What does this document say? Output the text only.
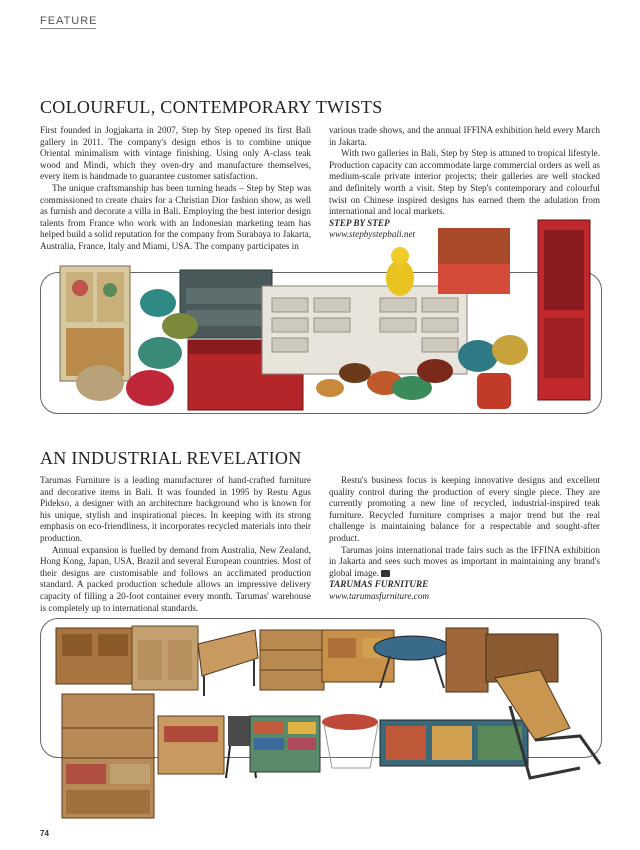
FEATURE
COLOURFUL, CONTEMPORARY TWISTS

First founded in Jogjakarta in 2007, Step by Step opened its first Bali gallery in 2011. The company's design ethos is to combine unique Oriental minimalism with vintage finishing. Using only A-class teak wood and Mindi, which they oven-dry and manufacture themselves, every item is handmade to guarantee customer satisfaction.

The unique craftsmanship has been turning heads – Step by Step was commissioned to create chairs for a Christian Dior fashion show, as well as furnish and decorate a villa in Bali. Employing the best interior design talents from France who work with an Indonesian marketing team has helped build a solid reputation for the company from Surabaya to Jakarta, Australia, France, Italy and Miami, USA. The company participates in

various trade shows, and the annual IFFINA exhibition held every March in Jakarta.

With two galleries in Bali, Step by Step is attuned to tropical lifestyle. Production capacity can accommodate large commercial orders as well as medium-scale private interior projects; their galleries are well stocked and definitely worth a visit. Step by Step's contemporary and colourful twist on Chinese inspired designs has earned them the adulation from international and local markets.

STEP BY STEP
www.stepbystepbali.net
AN INDUSTRIAL REVELATION

Tarumas Furniture is a leading manufacturer of hand-crafted furniture and decorative items in Bali. It was founded in 1995 by Restu Agus Pideksо, a designer with an architecture background who is known for his unique, stylish and inspirational pieces. In keeping with its strong emphasis on eco-friendliness, it incorporates recycled materials into their production.

Annual expansion is fuelled by demand from Australia, New Zealand, Hong Kong, Japan, USA, Brazil and several European countries. Most of their designs are customisable and follows an acclimated production standard. A packed production schedule allows an impressive delivery capacity of filling a 20-foot container every month. Tarumas' warehouse is completely up to international standards.

Restu's business focus is keeping innovative designs and excellent quality control during the production of every single piece. They are currently promoting a new line of recycled, industrial-inspired teak furniture. Recycled furniture comprises a major trend but the real challenge is maintaining balance for a respectable and sought-after product.

Tarumas joins international trade fairs such as the IFFINA exhibition in Jakarta and sees such moves as important in maintaining any brand's global image.

TARUMAS FURNITURE
www.tarumasfurniture.com
74
